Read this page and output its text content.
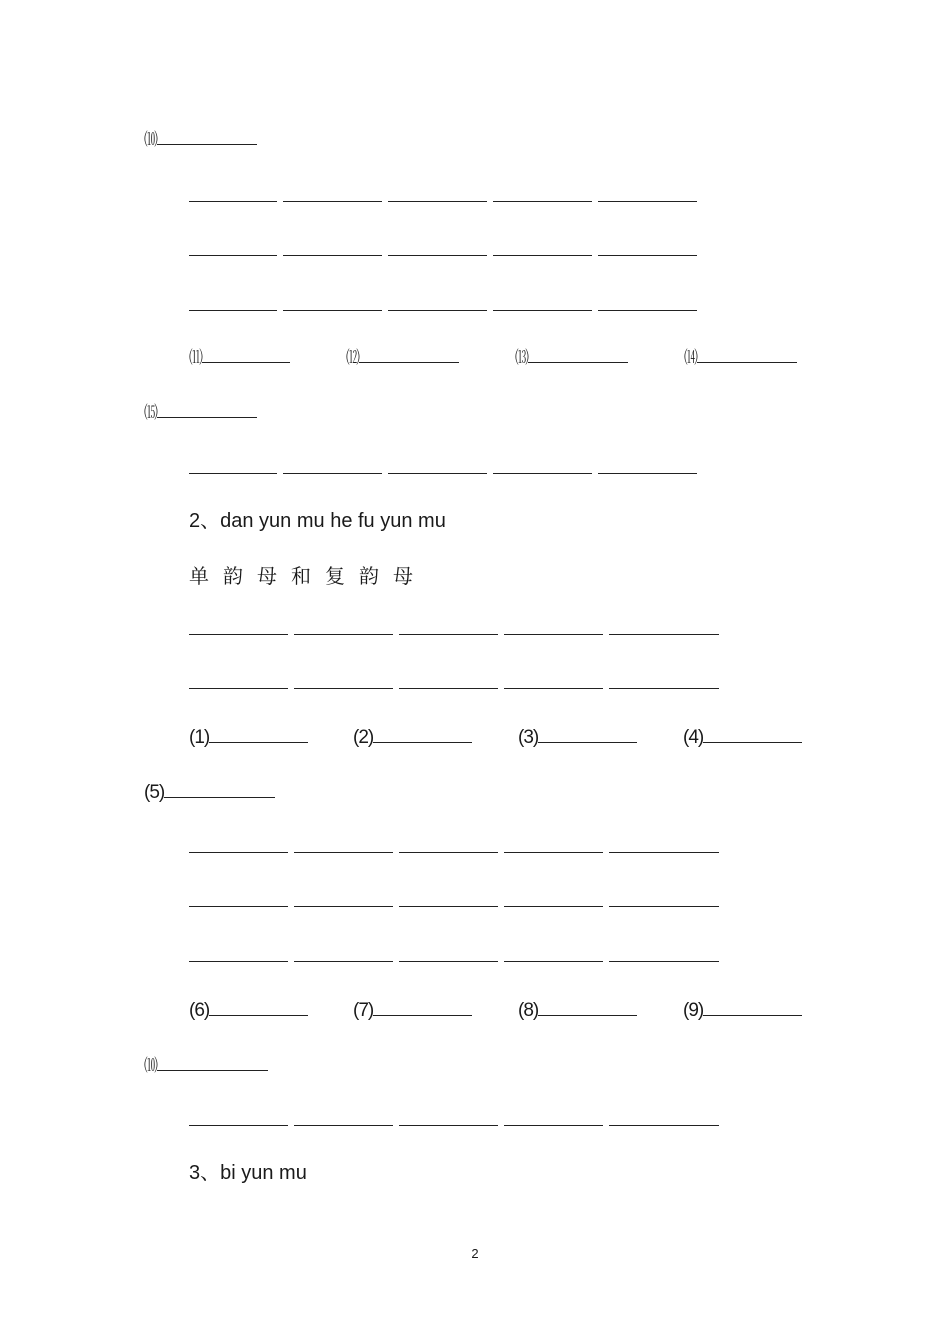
⑽
⑾	⑿	⒀	⒁
⒂
2、dan yun mu he fu yun mu
单韵母和复韵母
(1)	(2)	(3)	(4)
(5)
(6)	(7)	(8)	(9)
⑽
3、bi yun mu
2
